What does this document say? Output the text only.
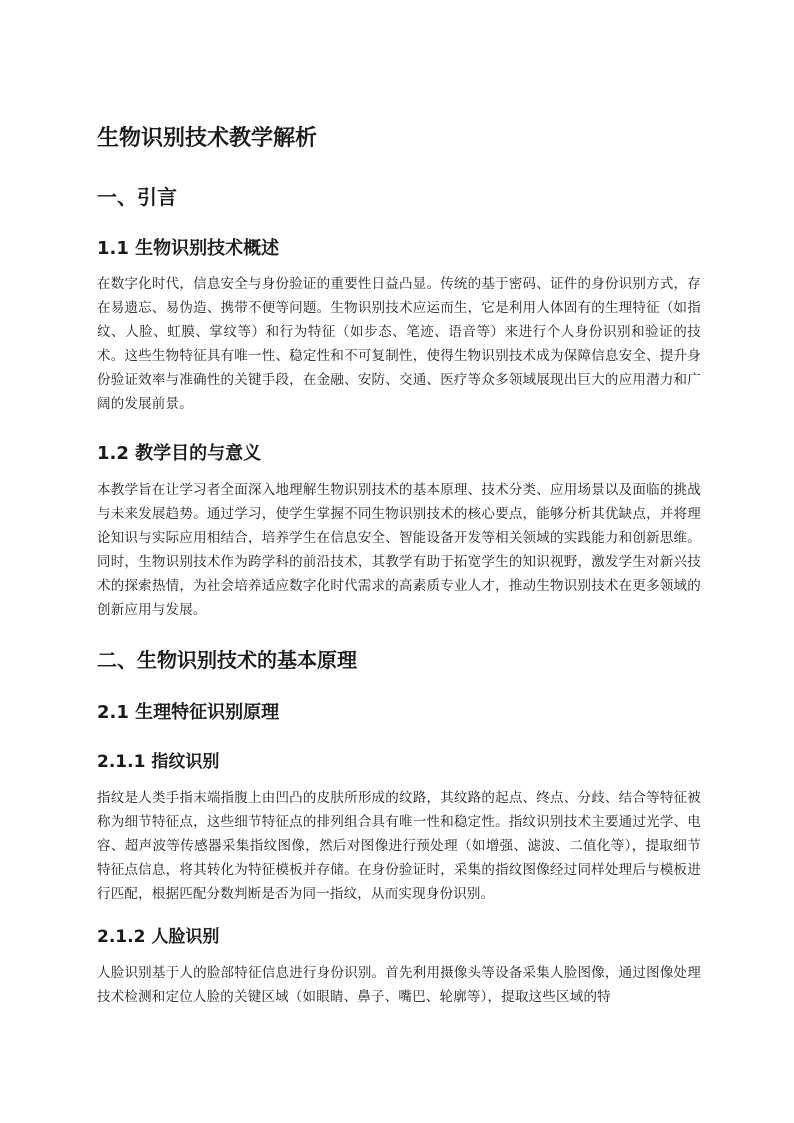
生物识别技术教学解析
一、引言
1.1 生物识别技术概述

在数字化时代，信息安全与身份验证的重要性日益凸显。传统的基于密码、证件的身份识别方式，存在易遗忘、易伪造、携带不便等问题。生物识别技术应运而生，它是利用人体固有的生理特征（如指纹、人脸、虹膜、掌纹等）和行为特征（如步态、笔迹、语音等）来进行个人身份识别和验证的技术。这些生物特征具有唯一性、稳定性和不可复制性，使得生物识别技术成为保障信息安全、提升身份验证效率与准确性的关键手段，在金融、安防、交通、医疗等众多领域展现出巨大的应用潜力和广阔的发展前景。

1.2 教学目的与意义

本教学旨在让学习者全面深入地理解生物识别技术的基本原理、技术分类、应用场景以及面临的挑战与未来发展趋势。通过学习，使学生掌握不同生物识别技术的核心要点，能够分析其优缺点，并将理论知识与实际应用相结合，培养学生在信息安全、智能设备开发等相关领域的实践能力和创新思维。同时，生物识别技术作为跨学科的前沿技术，其教学有助于拓宽学生的知识视野，激发学生对新兴技术的探索热情，为社会培养适应数字化时代需求的高素质专业人才，推动生物识别技术在更多领域的创新应用与发展。

二、生物识别技术的基本原理
2.1 生理特征识别原理
2.1.1 指纹识别

指纹是人类手指末端指腹上由凹凸的皮肤所形成的纹路，其纹路的起点、终点、分歧、结合等特征被称为细节特征点，这些细节特征点的排列组合具有唯一性和稳定性。指纹识别技术主要通过光学、电容、超声波等传感器采集指纹图像，然后对图像进行预处理（如增强、滤波、二值化等），提取细节特征点信息，将其转化为特征模板并存储。在身份验证时，采集的指纹图像经过同样处理后与模板进行匹配，根据匹配分数判断是否为同一指纹，从而实现身份识别。

2.1.2 人脸识别

人脸识别基于人的脸部特征信息进行身份识别。首先利用摄像头等设备采集人脸图像，通过图像处理技术检测和定位人脸的关键区域（如眼睛、鼻子、嘴巴、轮廓等），提取这些区域的特
